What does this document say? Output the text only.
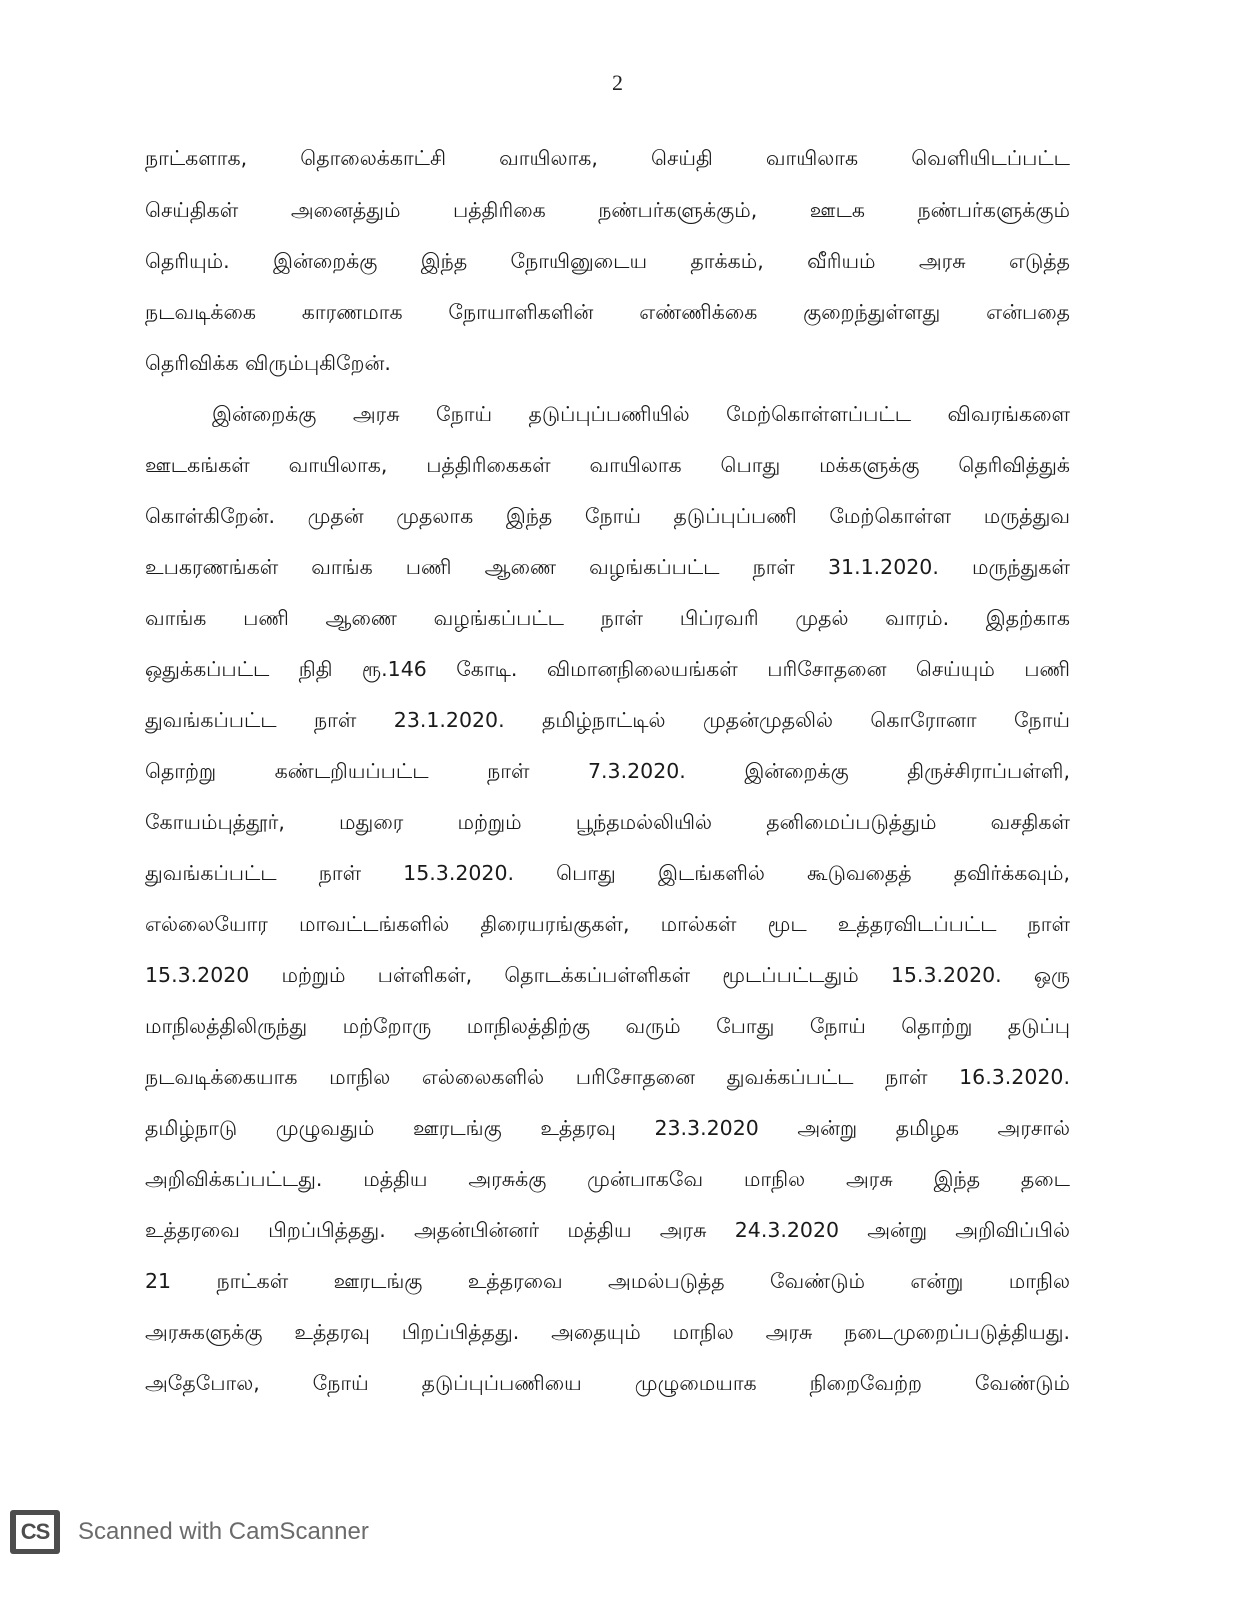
2
நாட்களாக, தொலைக்காட்சி வாயிலாக, செய்தி வாயிலாக வெளியிடப்பட்ட
செய்திகள் அனைத்தும் பத்திரிகை நண்பர்களுக்கும், ஊடக நண்பர்களுக்கும்
தெரியும். இன்றைக்கு இந்த நோயினுடைய தாக்கம், வீரியம் அரசு எடுத்த
நடவடிக்கை காரணமாக நோயாளிகளின் எண்ணிக்கை குறைந்துள்ளது என்பதை
தெரிவிக்க விரும்புகிறேன்.
இன்றைக்கு அரசு நோய் தடுப்புப்பணியில் மேற்கொள்ளப்பட்ட விவரங்களை
ஊடகங்கள் வாயிலாக, பத்திரிகைகள் வாயிலாக பொது மக்களுக்கு தெரிவித்துக்
கொள்கிறேன். முதன் முதலாக இந்த நோய் தடுப்புப்பணி மேற்கொள்ள மருத்துவ
உபகரணங்கள் வாங்க பணி ஆணை வழங்கப்பட்ட நாள் 31.1.2020. மருந்துகள்
வாங்க பணி ஆணை வழங்கப்பட்ட நாள் பிப்ரவரி முதல் வாரம். இதற்காக
ஒதுக்கப்பட்ட நிதி ரூ.146 கோடி. விமானநிலையங்கள் பரிசோதனை செய்யும் பணி
துவங்கப்பட்ட நாள் 23.1.2020. தமிழ்நாட்டில் முதன்முதலில் கொரோனா நோய்
தொற்று கண்டறியப்பட்ட நாள் 7.3.2020. இன்றைக்கு திருச்சிராப்பள்ளி,
கோயம்புத்தூர், மதுரை மற்றும் பூந்தமல்லியில் தனிமைப்படுத்தும் வசதிகள்
துவங்கப்பட்ட நாள் 15.3.2020. பொது இடங்களில் கூடுவதைத் தவிர்க்கவும்,
எல்லையோர மாவட்டங்களில் திரையரங்குகள், மால்கள் மூட உத்தரவிடப்பட்ட நாள்
15.3.2020 மற்றும் பள்ளிகள், தொடக்கப்பள்ளிகள் மூடப்பட்டதும் 15.3.2020. ஒரு
மாநிலத்திலிருந்து மற்றோரு மாநிலத்திற்கு வரும் போது நோய் தொற்று தடுப்பு
நடவடிக்கையாக மாநில எல்லைகளில் பரிசோதனை துவக்கப்பட்ட நாள் 16.3.2020.
தமிழ்நாடு முழுவதும் ஊரடங்கு உத்தரவு 23.3.2020 அன்று தமிழக அரசால்
அறிவிக்கப்பட்டது. மத்திய அரசுக்கு முன்பாகவே மாநில அரசு இந்த தடை
உத்தரவை பிறப்பித்தது. அதன்பின்னர் மத்திய அரசு 24.3.2020 அன்று அறிவிப்பில்
21 நாட்கள் ஊரடங்கு உத்தரவை அமல்படுத்த வேண்டும் என்று மாநில
அரசுகளுக்கு உத்தரவு பிறப்பித்தது. அதையும் மாநில அரசு நடைமுறைப்படுத்தியது.
அதேபோல, நோய் தடுப்புப்பணியை முழுமையாக நிறைவேற்ற வேண்டும்
CS Scanned with CamScanner
